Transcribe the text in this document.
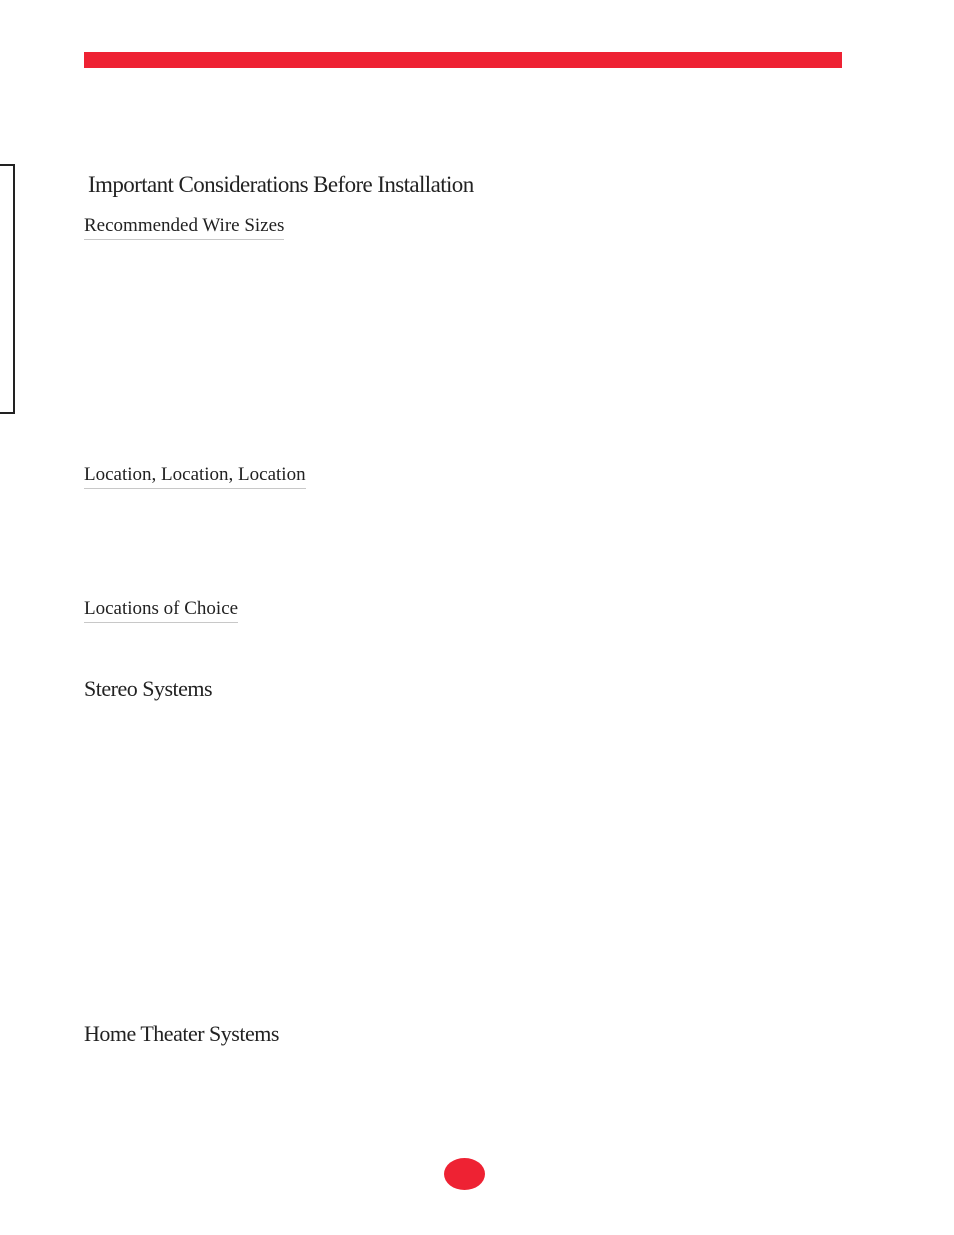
Important Considerations Before Installation
Recommended Wire Sizes
Location, Location, Location
Locations of Choice
Stereo Systems
Home Theater Systems
